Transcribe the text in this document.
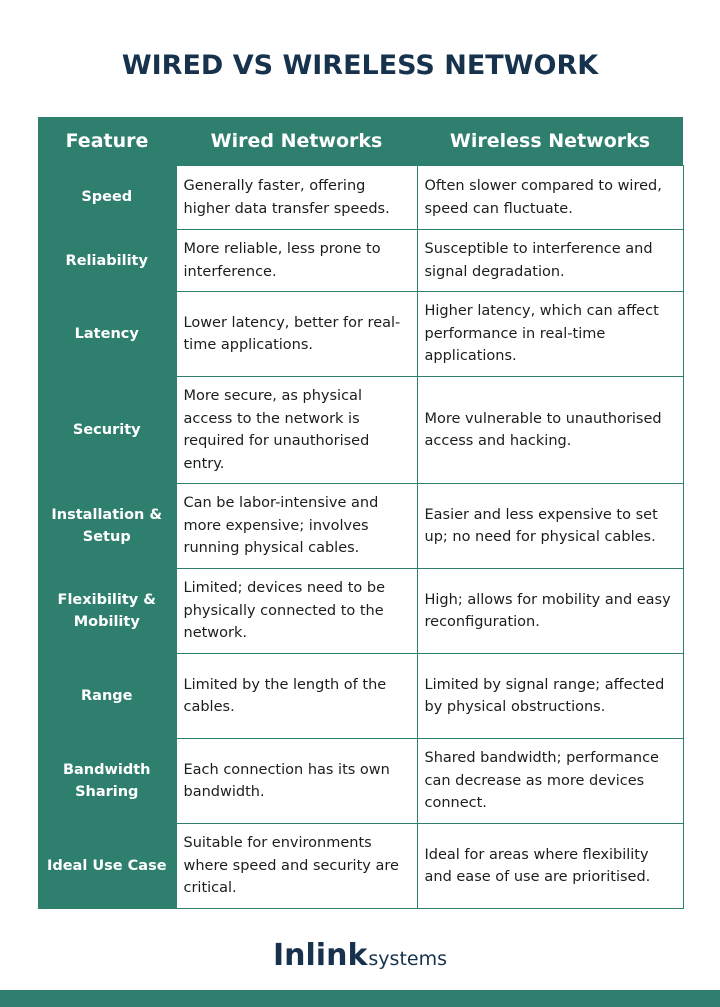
WIRED VS WIRELESS NETWORK
Feature	Wired Networks	Wireless Networks
Speed	Generally faster, offering higher data transfer speeds.	Often slower compared to wired, speed can fluctuate.
Reliability	More reliable, less prone to interference.	Susceptible to interference and signal degradation.
Latency	Lower latency, better for real-time applications.	Higher latency, which can affect performance in real-time applications.
Security	More secure, as physical access to the network is required for unauthorised entry.	More vulnerable to unauthorised access and hacking.
Installation & Setup	Can be labor-intensive and more expensive; involves running physical cables.	Easier and less expensive to set up; no need for physical cables.
Flexibility & Mobility	Limited; devices need to be physically connected to the network.	High; allows for mobility and easy reconfiguration.
Range	Limited by the length of the cables.	Limited by signal range; affected by physical obstructions.
Bandwidth Sharing	Each connection has its own bandwidth.	Shared bandwidth; performance can decrease as more devices connect.
Ideal Use Case	Suitable for environments where speed and security are critical.	Ideal for areas where flexibility and ease of use are prioritised.
Inlinksystems
